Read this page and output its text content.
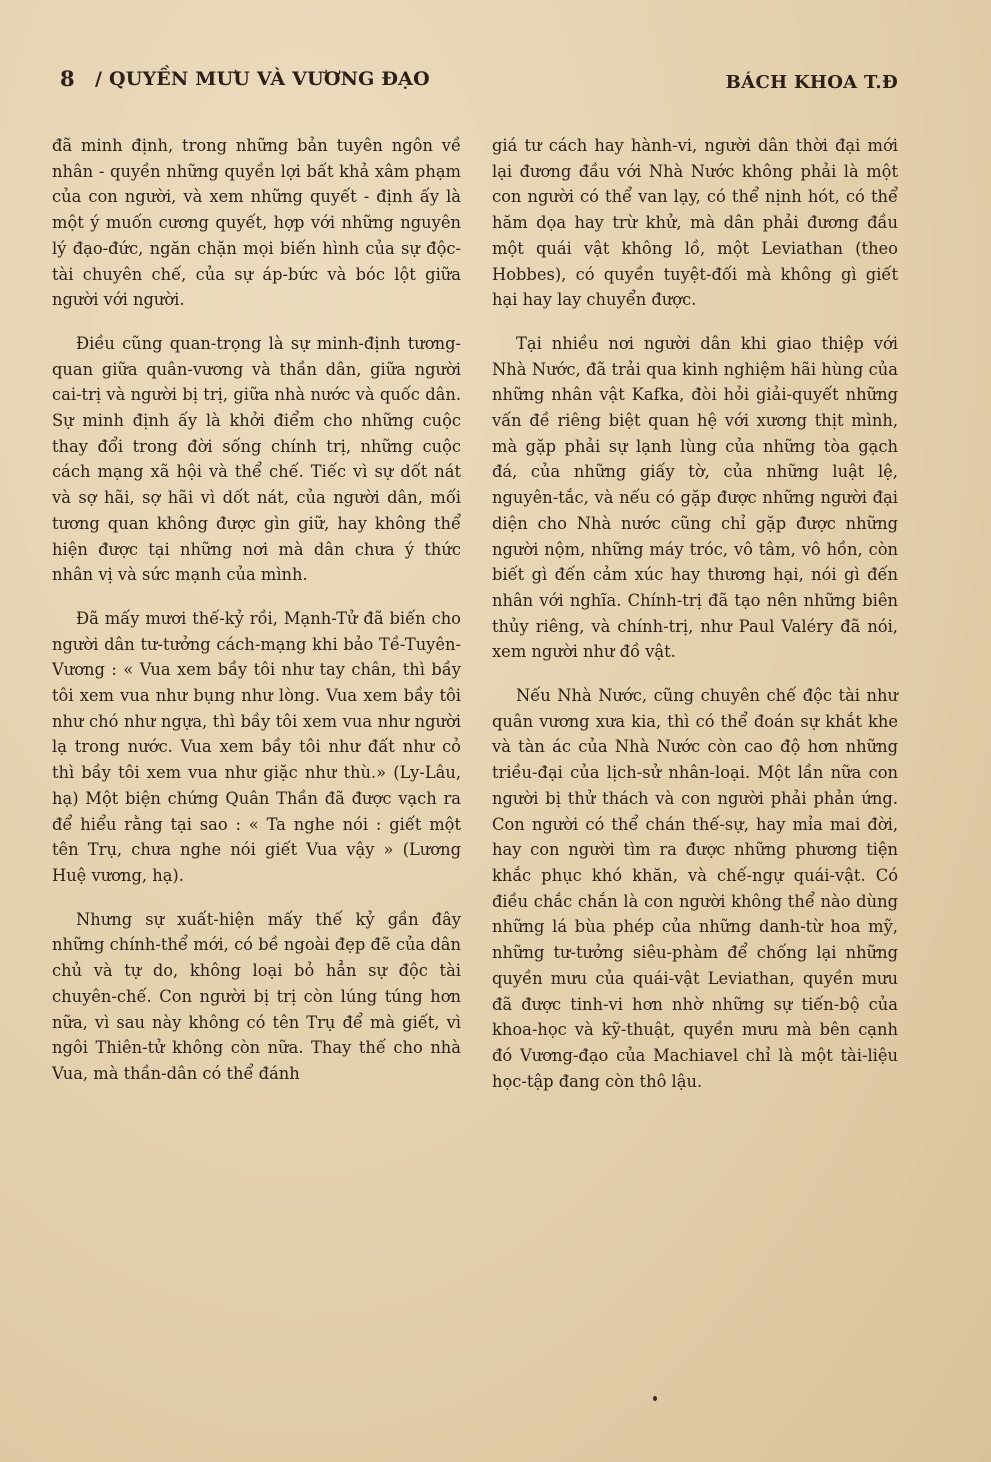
8 / QUYỀN MƯU VÀ VƯƠNG ĐẠO	BÁCH KHOA T.Đ

đã minh định, trong những bản tuyên ngôn về nhân - quyền những quyền lợi bất khả xâm phạm của con người, và xem những quyết - định ấy là một ý muốn cương quyết, hợp với những nguyên lý đạo-đức, ngăn chặn mọi biến hình của sự độc-tài chuyên chế, của sự áp-bức và bóc lột giữa người với người.

Điều cũng quan-trọng là sự minh-định tương-quan giữa quân-vương và thần dân, giữa người cai-trị và người bị trị, giữa nhà nước và quốc dân. Sự minh định ấy là khởi điểm cho những cuộc thay đổi trong đời sống chính trị, những cuộc cách mạng xã hội và thể chế. Tiếc vì sự dốt nát và sợ hãi, sợ hãi vì dốt nát, của người dân, mối tương quan không được gìn giữ, hay không thể hiện được tại những nơi mà dân chưa ý thức nhân vị và sức mạnh của mình.

Đã mấy mươi thế-kỷ rồi, Mạnh-Tử đã biến cho người dân tư-tưởng cách-mạng khi bảo Tề-Tuyên-Vương : « Vua xem bầy tôi như tay chân, thì bầy tôi xem vua như bụng như lòng. Vua xem bầy tôi như chó như ngựa, thì bầy tôi xem vua như người lạ trong nước. Vua xem bầy tôi như đất như cỏ thì bầy tôi xem vua như giặc như thù.» (Ly-Lâu, hạ) Một biện chứng Quân Thần đã được vạch ra để hiểu rằng tại sao : « Ta nghe nói : giết một tên Trụ, chưa nghe nói giết Vua vậy » (Lương Huệ vương, hạ).

Nhưng sự xuất-hiện mấy thế kỷ gần đây những chính-thể mới, có bề ngoài đẹp đẽ của dân chủ và tự do, không loại bỏ hẳn sự độc tài chuyên-chế. Con người bị trị còn lúng túng hơn nữa, vì sau này không có tên Trụ để mà giết, vì ngôi Thiên-tử không còn nữa. Thay thế cho nhà Vua, mà thần-dân có thể đánh

giá tư cách hay hành-vi, người dân thời đại mới lại đương đầu với Nhà Nước không phải là một con người có thể van lạy, có thể nịnh hót, có thể hăm dọa hay trừ khử, mà dân phải đương đầu một quái vật không lồ, một Leviathan (theo Hobbes), có quyền tuyệt-đối mà không gì giết hại hay lay chuyển được.

Tại nhiều nơi người dân khi giao thiệp với Nhà Nước, đã trải qua kinh nghiệm hãi hùng của những nhân vật Kafka, đòi hỏi giải-quyết những vấn đề riêng biệt quan hệ với xương thịt mình, mà gặp phải sự lạnh lùng của những tòa gạch đá, của những giấy tờ, của những luật lệ, nguyên-tắc, và nếu có gặp được những người đại diện cho Nhà nước cũng chỉ gặp được những người nộm, những máy tróc, vô tâm, vô hồn, còn biết gì đến cảm xúc hay thương hại, nói gì đến nhân với nghĩa. Chính-trị đã tạo nên những biên thủy riêng, và chính-trị, như Paul Valéry đã nói, xem người như đồ vật.

Nếu Nhà Nước, cũng chuyên chế độc tài như quân vương xưa kia, thì có thể đoán sự khắt khe và tàn ác của Nhà Nước còn cao độ hơn những triều-đại của lịch-sử nhân-loại. Một lần nữa con người bị thử thách và con người phải phản ứng. Con người có thể chán thế-sự, hay mỉa mai đời, hay con người tìm ra được những phương tiện khắc phục khó khăn, và chế-ngự quái-vật. Có điều chắc chắn là con người không thể nào dùng những lá bùa phép của những danh-từ hoa mỹ, những tư-tưởng siêu-phàm để chống lại những quyền mưu của quái-vật Leviathan, quyền mưu đã được tinh-vi hơn nhờ những sự tiến-bộ của khoa-học và kỹ-thuật, quyền mưu mà bên cạnh đó Vương-đạo của Machiavel chỉ là một tài-liệu học-tập đang còn thô lậu.
